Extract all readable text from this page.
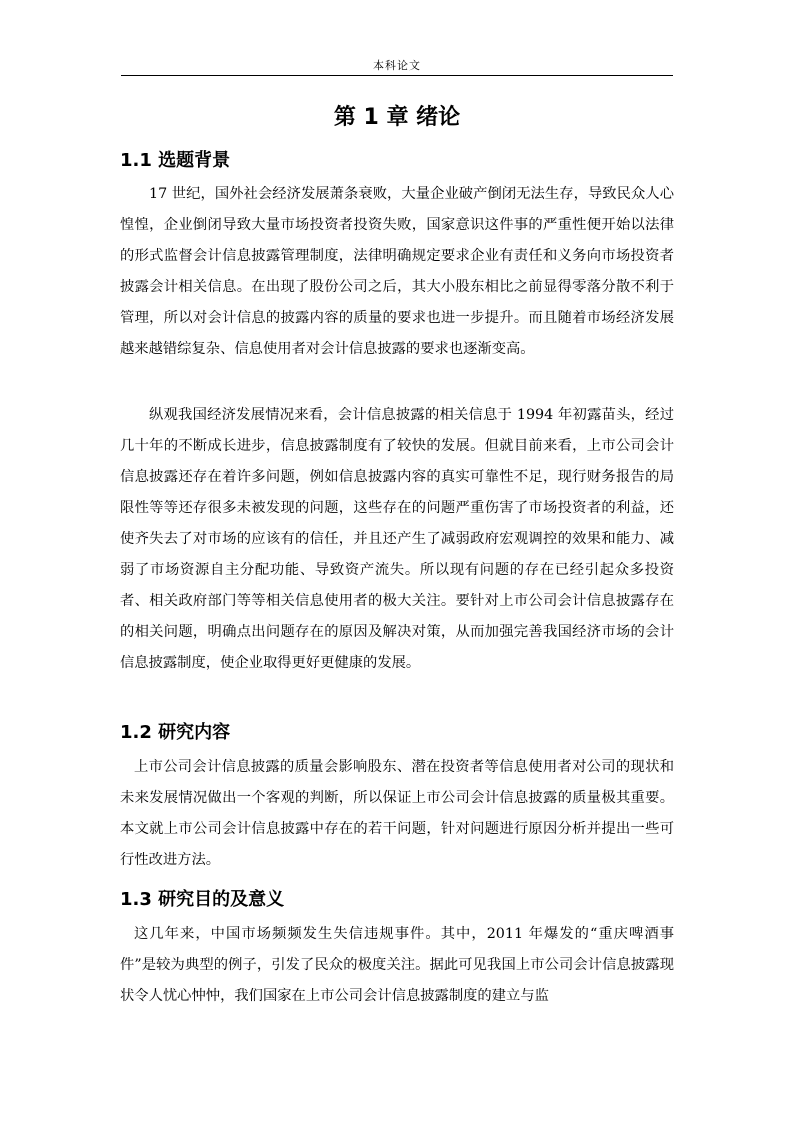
本科论文
第 1 章 绪论
1.1 选题背景

17 世纪，国外社会经济发展萧条衰败，大量企业破产倒闭无法生存，导致民众人心惶惶，企业倒闭导致大量市场投资者投资失败，国家意识这件事的严重性便开始以法律的形式监督会计信息披露管理制度，法律明确规定要求企业有责任和义务向市场投资者披露会计相关信息。在出现了股份公司之后，其大小股东相比之前显得零落分散不利于管理，所以对会计信息的披露内容的质量的要求也进一步提升。而且随着市场经济发展越来越错综复杂、信息使用者对会计信息披露的要求也逐渐变高。

纵观我国经济发展情况来看，会计信息披露的相关信息于 1994 年初露苗头，经过几十年的不断成长进步，信息披露制度有了较快的发展。但就目前来看，上市公司会计信息披露还存在着许多问题，例如信息披露内容的真实可靠性不足，现行财务报告的局限性等等还存很多未被发现的问题，这些存在的问题严重伤害了市场投资者的利益，还使齐失去了对市场的应该有的信任，并且还产生了减弱政府宏观调控的效果和能力、减弱了市场资源自主分配功能、导致资产流失。所以现有问题的存在已经引起众多投资者、相关政府部门等等相关信息使用者的极大关注。要针对上市公司会计信息披露存在的相关问题，明确点出问题存在的原因及解决对策，从而加强完善我国经济市场的会计信息披露制度，使企业取得更好更健康的发展。

1.2 研究内容

上市公司会计信息披露的质量会影响股东、潜在投资者等信息使用者对公司的现状和未来发展情况做出一个客观的判断，所以保证上市公司会计信息披露的质量极其重要。本文就上市公司会计信息披露中存在的若干问题，针对问题进行原因分析并提出一些可行性改进方法。

1.3 研究目的及意义

这几年来，中国市场频频发生失信违规事件。其中，2011 年爆发的“重庆啤酒事件”是较为典型的例子，引发了民众的极度关注。据此可见我国上市公司会计信息披露现状令人忧心忡忡，我们国家在上市公司会计信息披露制度的建立与监
